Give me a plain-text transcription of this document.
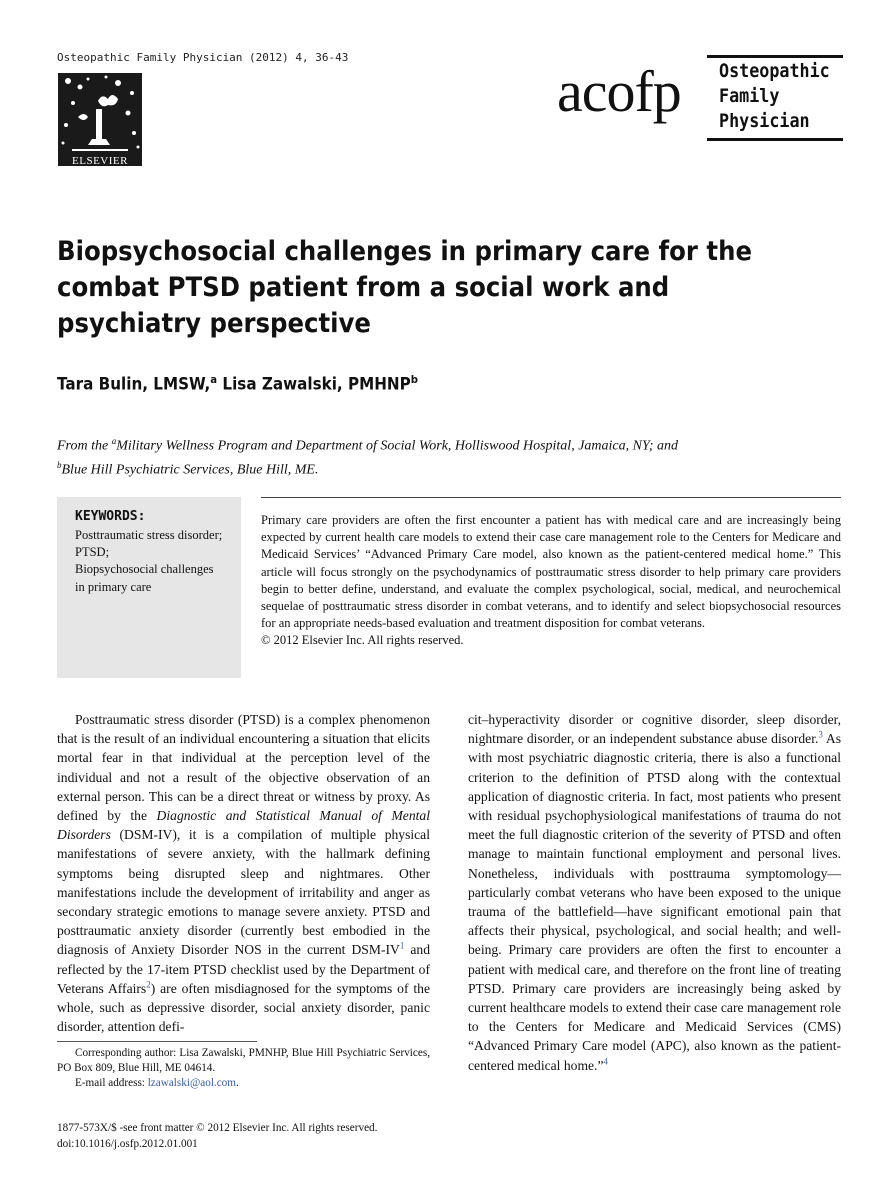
Osteopathic Family Physician (2012) 4, 36-43
ELSEVIER
acofp Osteopathic
Family
Physician
Biopsychosocial challenges in primary care for the combat PTSD patient from a social work and psychiatry perspective
Tara Bulin, LMSW,$^a$ Lisa Zawalski, PMHNP$^b$
From the $^a$Military Wellness Program and Department of Social Work, Holliswood Hospital, Jamaica, NY; and
$^b$Blue Hill Psychiatric Services, Blue Hill, ME.
KEYWORDS:
Posttraumatic stress disorder;
PTSD;
Biopsychosocial challenges in primary care
Primary care providers are often the first encounter a patient has with medical care and are increasingly being expected by current health care models to extend their case care management role to the Centers for Medicare and Medicaid Services’ “Advanced Primary Care model, also known as the patient-centered medical home.” This article will focus strongly on the psychodynamics of posttraumatic stress disorder to help primary care providers begin to better define, understand, and evaluate the complex psychological, social, medical, and neurochemical sequelae of posttraumatic stress disorder in combat veterans, and to identify and select biopsychosocial resources for an appropriate needs-based evaluation and treatment disposition for combat veterans.
© 2012 Elsevier Inc. All rights reserved.

Posttraumatic stress disorder (PTSD) is a complex phenomenon that is the result of an individual encountering a situation that elicits mortal fear in that individual at the perception level of the individual and not a result of the objective observation of an external person. This can be a direct threat or witness by proxy. As defined by the Diagnostic and Statistical Manual of Mental Disorders (DSM-IV), it is a compilation of multiple physical manifestations of severe anxiety, with the hallmark defining symptoms being disrupted sleep and nightmares. Other manifestations include the development of irritability and anger as secondary strategic emotions to manage severe anxiety. PTSD and posttraumatic anxiety disorder (currently best embodied in the diagnosis of Anxiety Disorder NOS in the current DSM-$IV^1$ and reflected by the 17-item PTSD checklist used by the Department of Veterans Affairs$^2$) are often misdiagnosed for the symptoms of the whole, such as depressive disorder, social anxiety disorder, panic disorder, attention defi-

cit–hyperactivity disorder or cognitive disorder, sleep disorder, nightmare disorder, or an independent substance abuse disorder.$^3$ As with most psychiatric diagnostic criteria, there is also a functional criterion to the definition of PTSD along with the contextual application of diagnostic criteria. In fact, most patients who present with residual psychophysiological manifestations of trauma do not meet the full diagnostic criterion of the severity of PTSD and often manage to maintain functional employment and personal lives. Nonetheless, individuals with posttrauma symptomology—particularly combat veterans who have been exposed to the unique trauma of the battlefield—have significant emotional pain that affects their physical, psychological, and social health; and well-being. Primary care providers are often the first to encounter a patient with medical care, and therefore on the front line of treating PTSD. Primary care providers are increasingly being asked by current healthcare models to extend their case care management role to the Centers for Medicare and Medicaid Services (CMS) “Advanced Primary Care model (APC), also known as the patient-centered medical home.”$^4$

Corresponding author: Lisa Zawalski, PMNHP, Blue Hill Psychiatric Services, PO Box 809, Blue Hill, ME 04614.

E-mail address: lzawalski@aol.com.

1877-573X/$ -see front matter © 2012 Elsevier Inc. All rights reserved.
doi:10.1016/j.osfp.2012.01.001
